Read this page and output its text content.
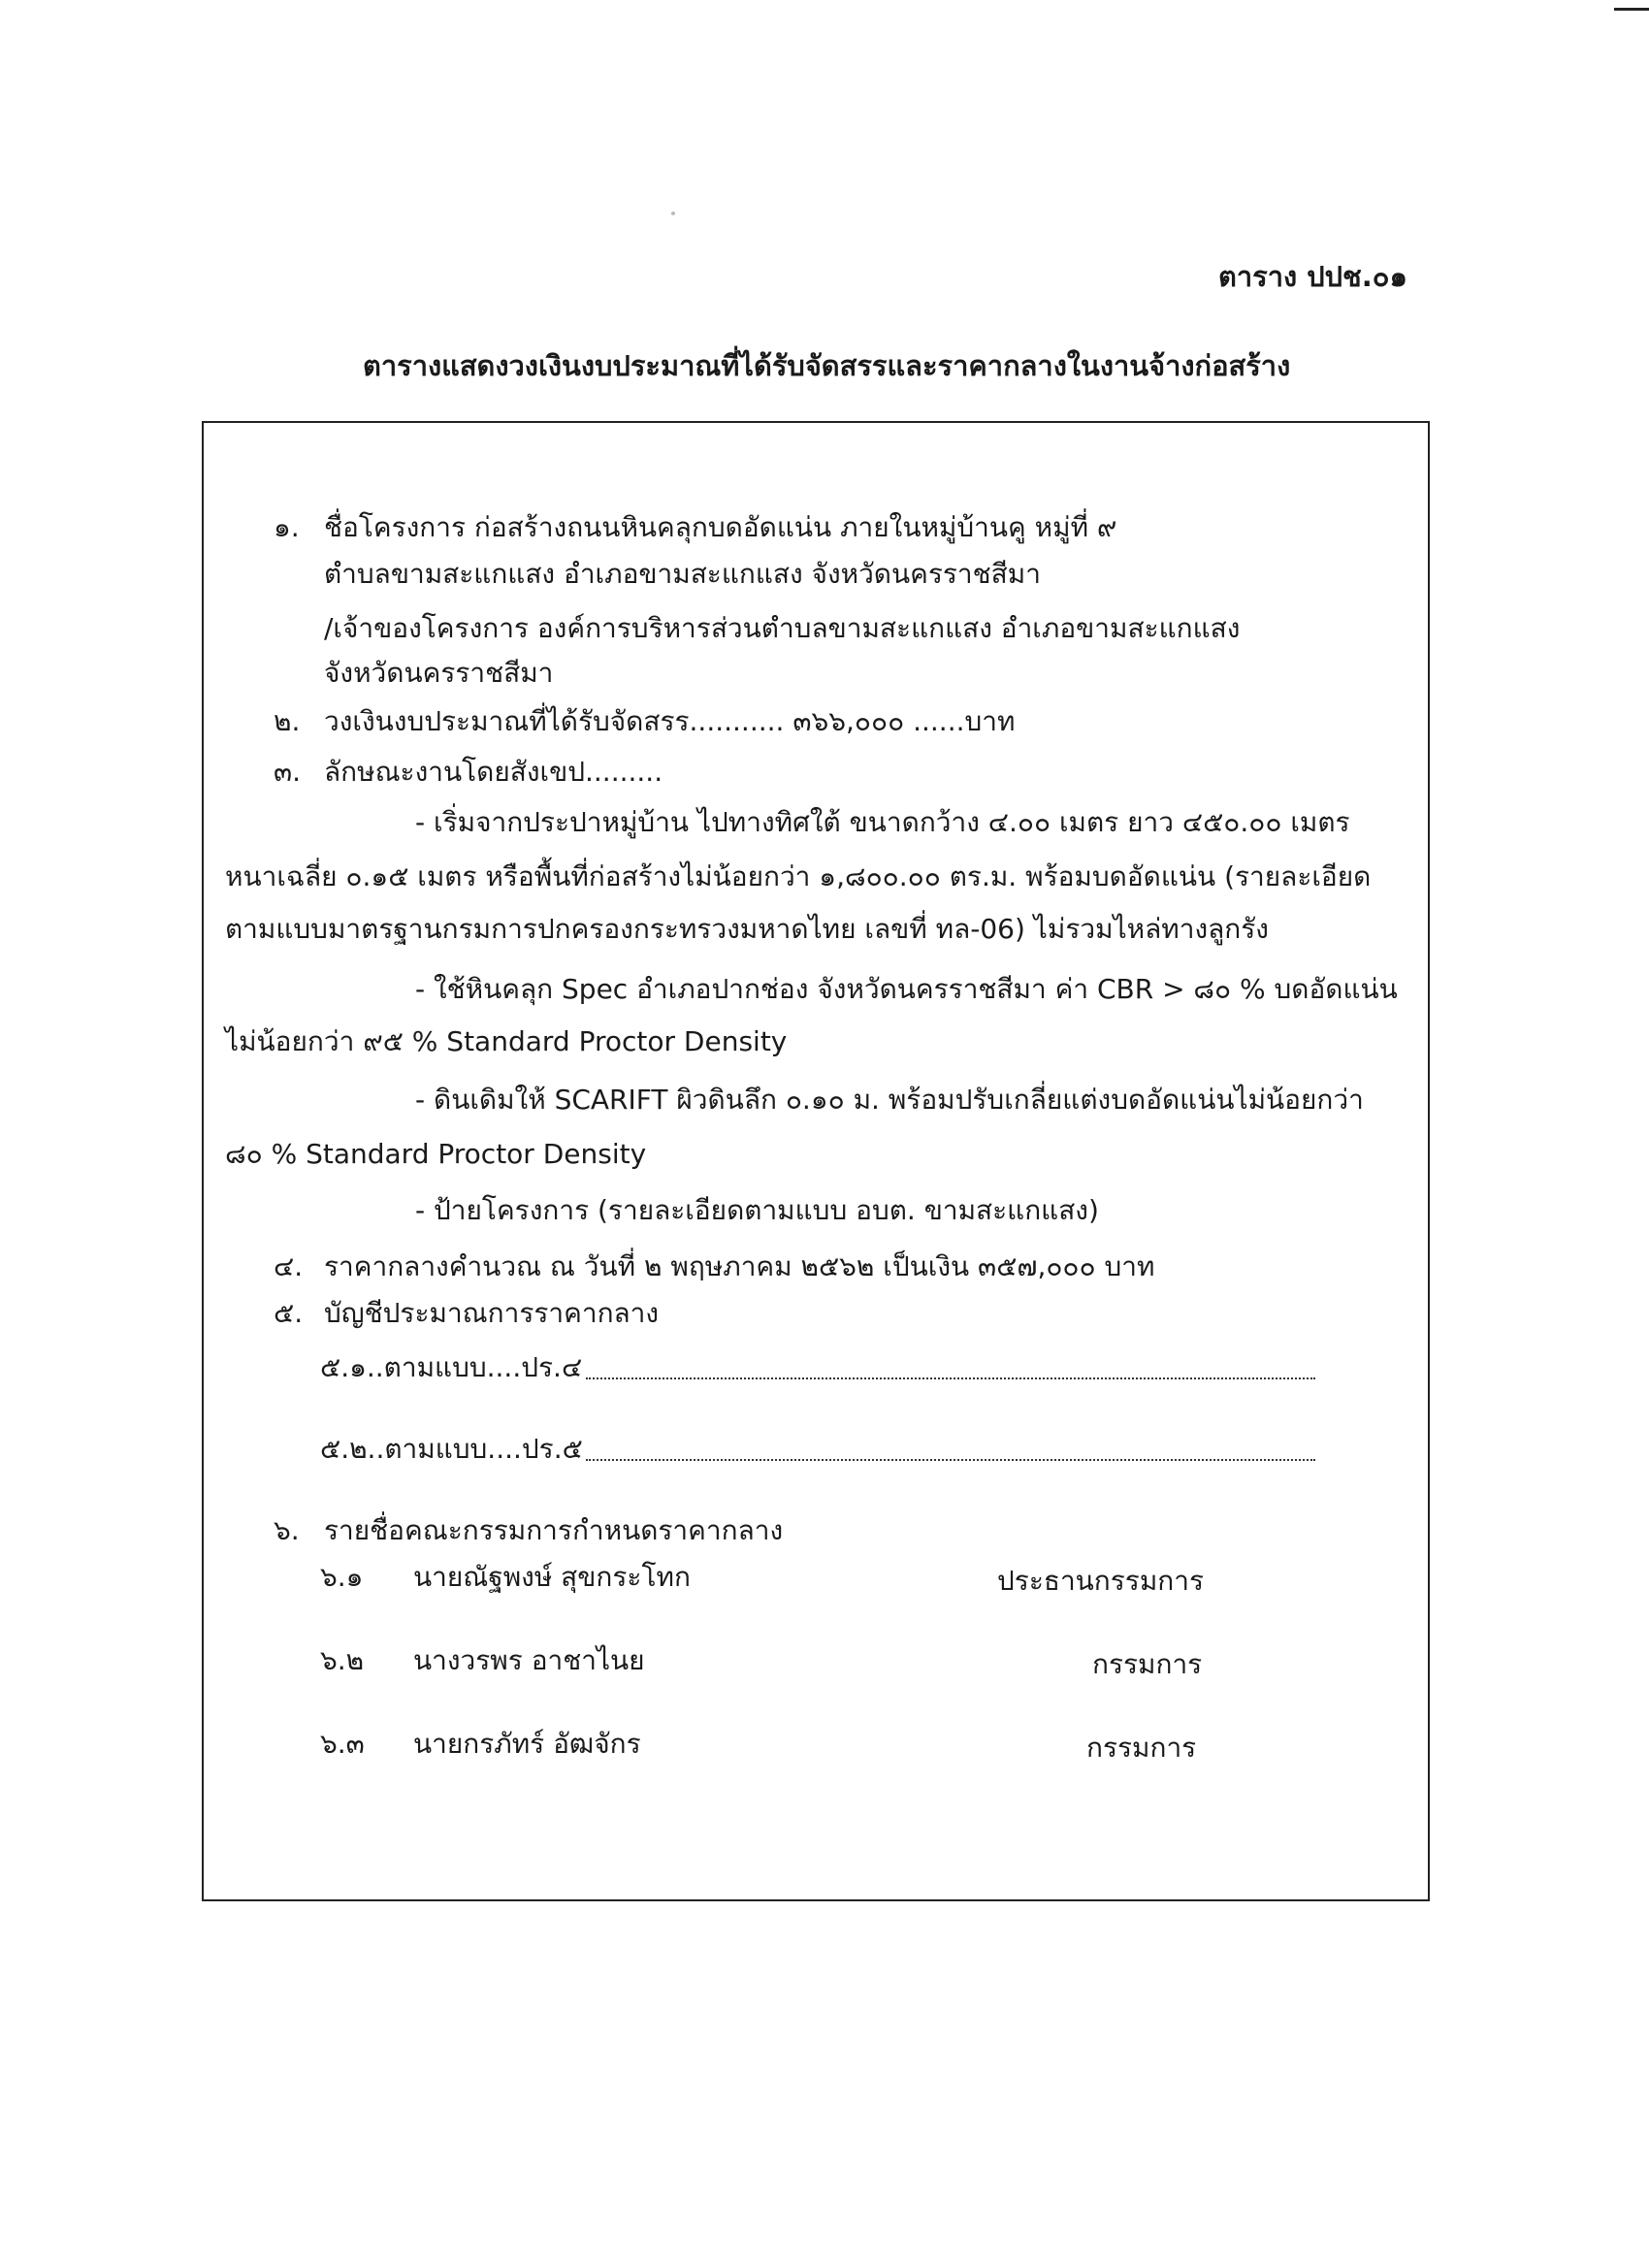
ตาราง ปปช.๐๑
ตารางแสดงวงเงินงบประมาณที่ได้รับจัดสรรและราคากลางในงานจ้างก่อสร้าง
๑. ชื่อโครงการ ก่อสร้างถนนหินคลุกบดอัดแน่น ภายในหมู่บ้านคู หมู่ที่ ๙
ตำบลขามสะแกแสง อำเภอขามสะแกแสง จังหวัดนครราชสีมา
/เจ้าของโครงการ องค์การบริหารส่วนตำบลขามสะแกแสง อำเภอขามสะแกแสง
จังหวัดนครราชสีมา
๒. วงเงินงบประมาณที่ได้รับจัดสรร........... ๓๖๖,๐๐๐ ......บาท
๓. ลักษณะงานโดยสังเขป.........
- เริ่มจากประปาหมู่บ้าน ไปทางทิศใต้ ขนาดกว้าง ๔.๐๐ เมตร ยาว ๔๕๐.๐๐ เมตร
หนาเฉลี่ย ๐.๑๕ เมตร หรือพื้นที่ก่อสร้างไม่น้อยกว่า ๑,๘๐๐.๐๐ ตร.ม. พร้อมบดอัดแน่น (รายละเอียด
ตามแบบมาตรฐานกรมการปกครองกระทรวงมหาดไทย เลขที่ ทล-06) ไม่รวมไหล่ทางลูกรัง
- ใช้หินคลุก Spec อำเภอปากช่อง จังหวัดนครราชสีมา ค่า CBR > ๘๐ % บดอัดแน่น
ไม่น้อยกว่า ๙๕ % Standard Proctor Density
- ดินเดิมให้ SCARIFT ผิวดินลึก ๐.๑๐ ม. พร้อมปรับเกลี่ยแต่งบดอัดแน่นไม่น้อยกว่า
๘๐ % Standard Proctor Density
- ป้ายโครงการ (รายละเอียดตามแบบ อบต. ขามสะแกแสง)
๔. ราคากลางคำนวณ ณ วันที่ ๒ พฤษภาคม ๒๕๖๒ เป็นเงิน ๓๕๗,๐๐๐ บาท
๕. บัญชีประมาณการราคากลาง
๕.๑..ตามแบบ....ปร.๔
๕.๒..ตามแบบ....ปร.๕
๖. รายชื่อคณะกรรมการกำหนดราคากลาง
๖.๑ นายณัฐพงษ์ สุขกระโทก	ประธานกรรมการ
๖.๒ นางวรพร อาชาไนย	กรรมการ
๖.๓ นายกรภัทร์ อัฒจักร	กรรมการ
